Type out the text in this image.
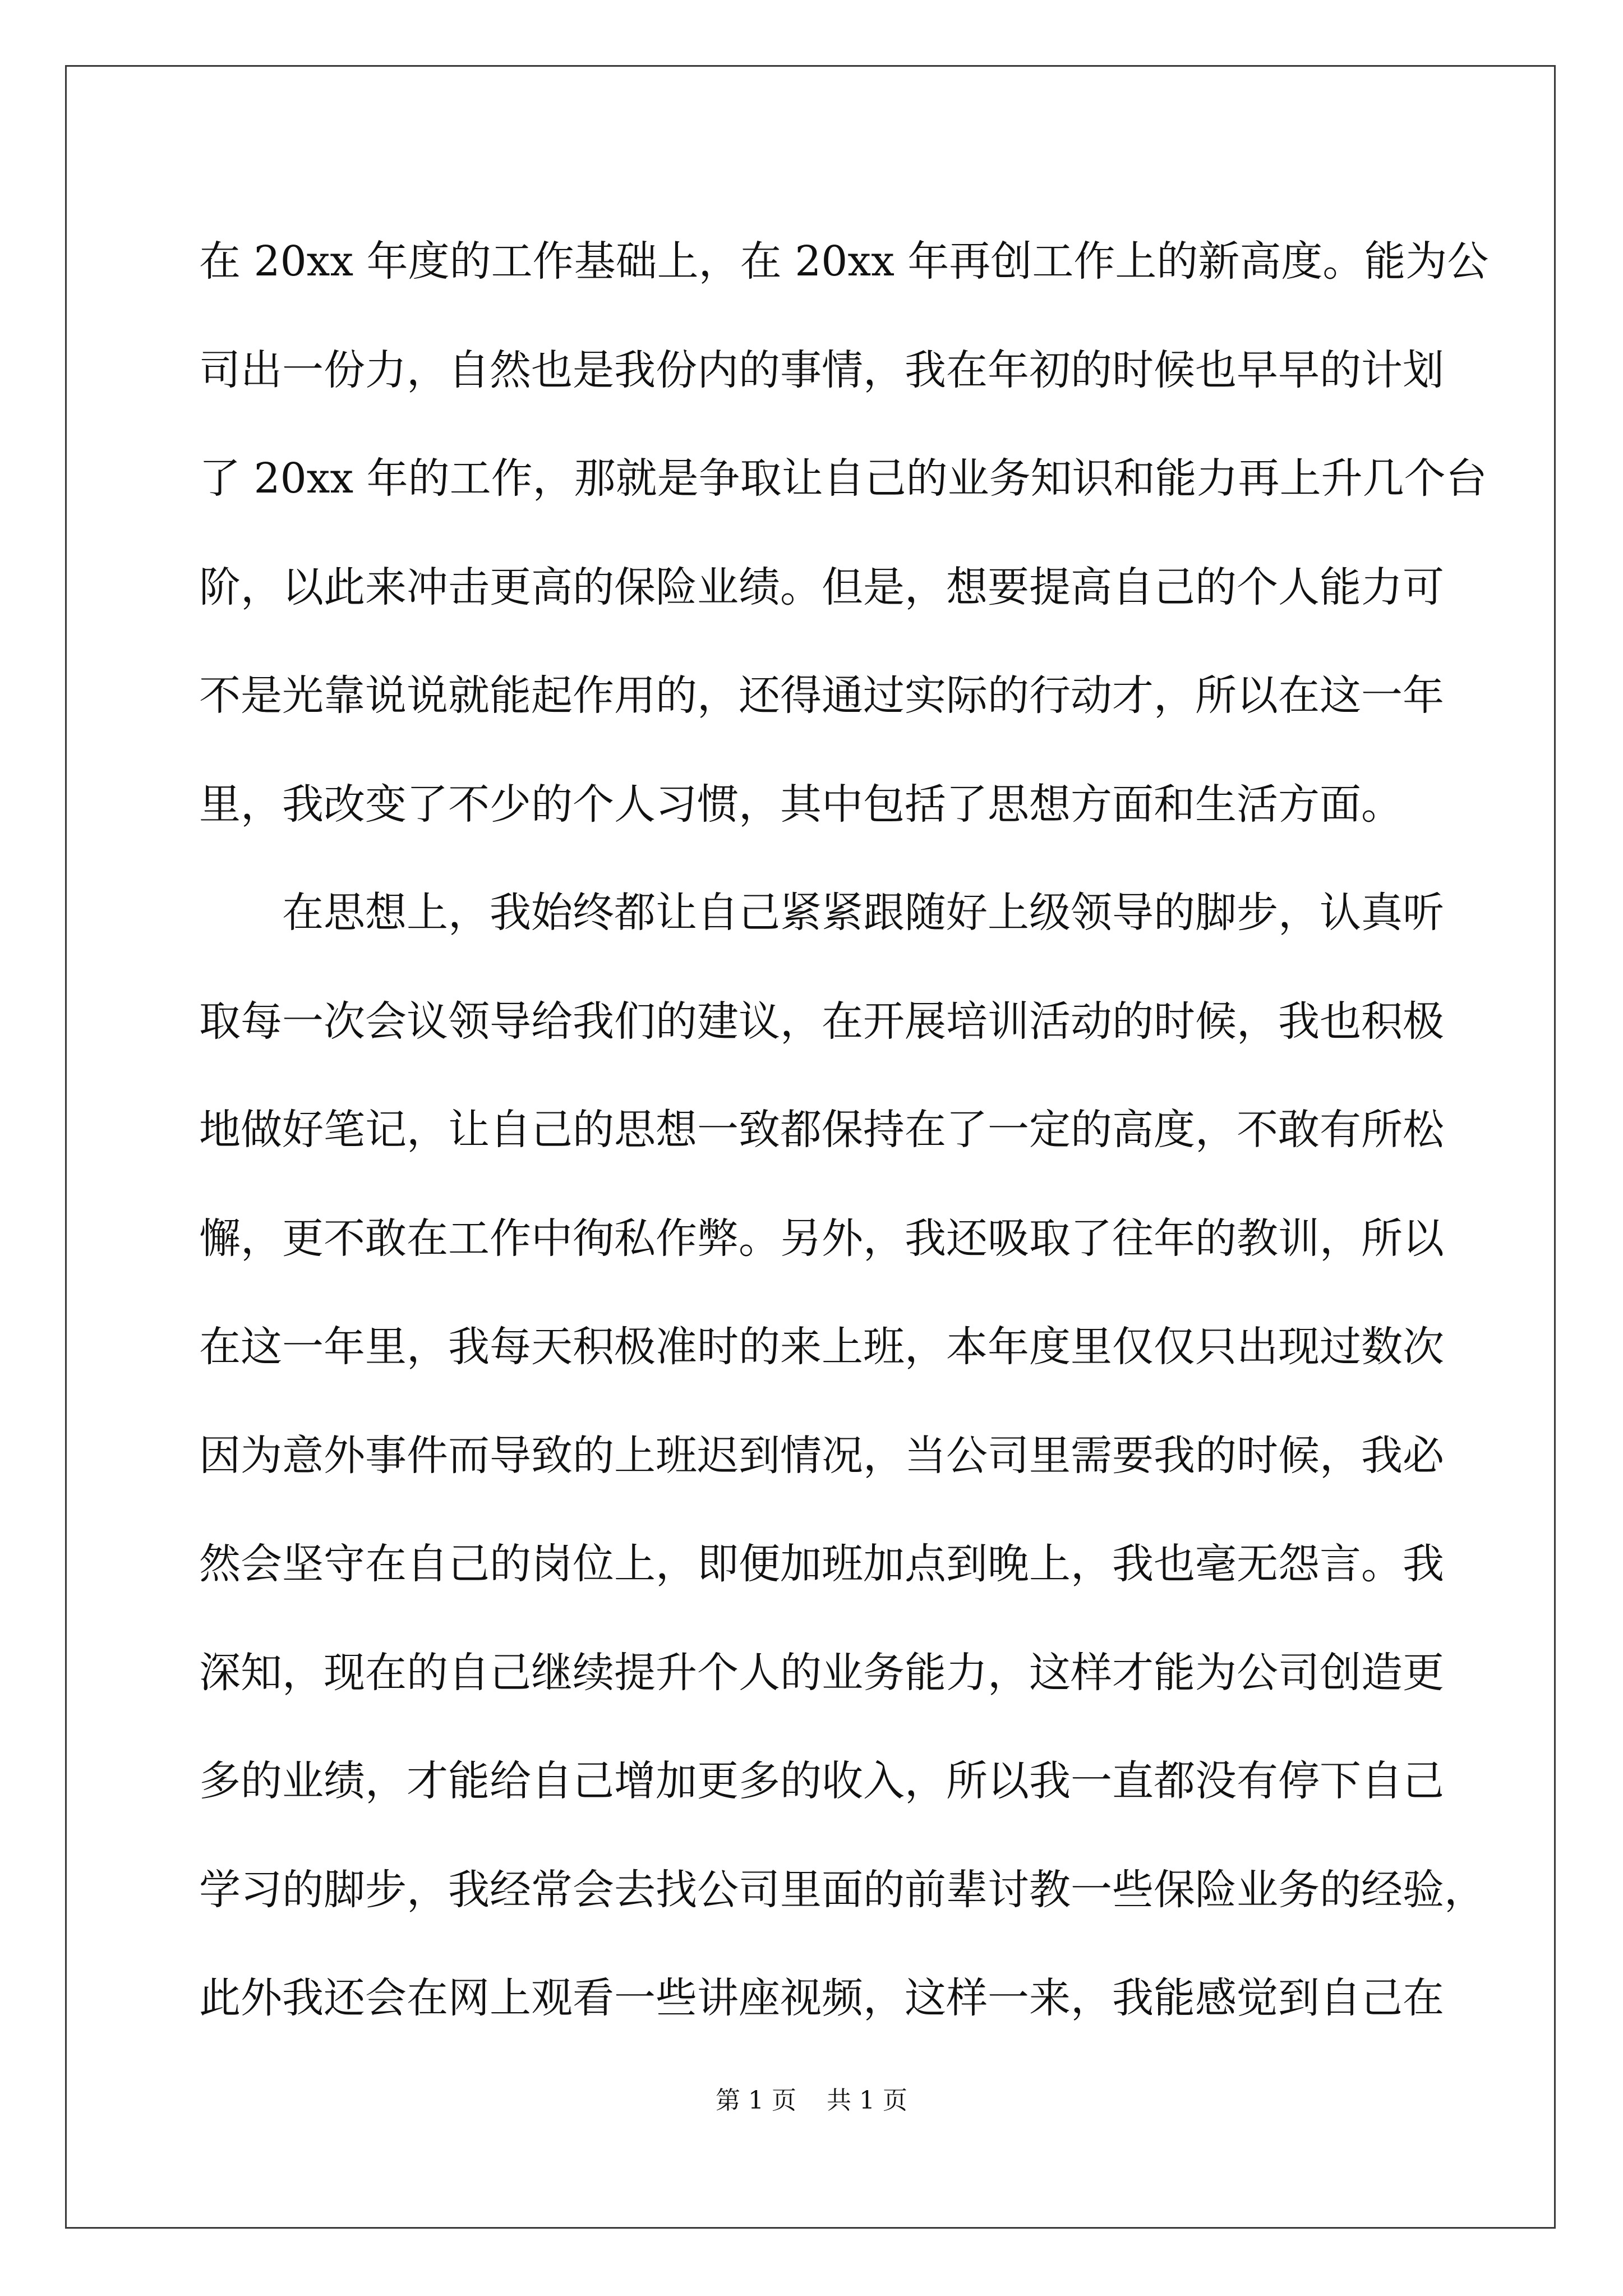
在 20xx 年度的工作基础上，在 20xx 年再创工作上的新高度。能为公
司出一份力，自然也是我份内的事情，我在年初的时候也早早的计划
了 20xx 年的工作，那就是争取让自己的业务知识和能力再上升几个台
阶，以此来冲击更高的保险业绩。但是，想要提高自己的个人能力可
不是光靠说说就能起作用的，还得通过实际的行动才，所以在这一年
里，我改变了不少的个人习惯，其中包括了思想方面和生活方面。
在思想上，我始终都让自己紧紧跟随好上级领导的脚步，认真听
取每一次会议领导给我们的建议，在开展培训活动的时候，我也积极
地做好笔记，让自己的思想一致都保持在了一定的高度，不敢有所松
懈，更不敢在工作中徇私作弊。另外，我还吸取了往年的教训，所以
在这一年里，我每天积极准时的来上班，本年度里仅仅只出现过数次
因为意外事件而导致的上班迟到情况，当公司里需要我的时候，我必
然会坚守在自己的岗位上，即便加班加点到晚上，我也毫无怨言。我
深知，现在的自己继续提升个人的业务能力，这样才能为公司创造更
多的业绩，才能给自己增加更多的收入，所以我一直都没有停下自己
学习的脚步，我经常会去找公司里面的前辈讨教一些保险业务的经验，
此外我还会在网上观看一些讲座视频，这样一来，我能感觉到自己在
第 1 页 共 1 页
